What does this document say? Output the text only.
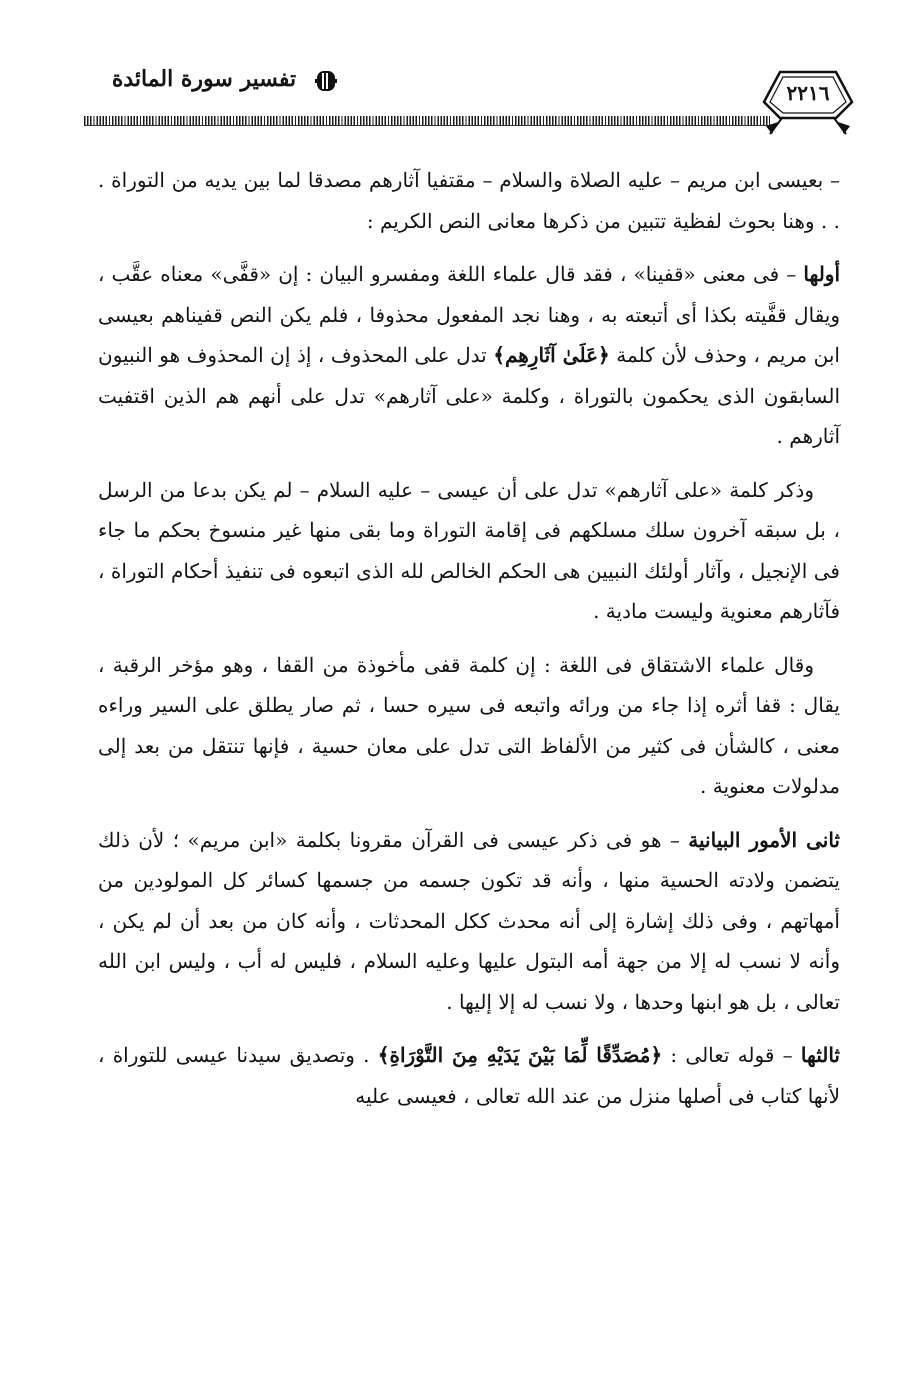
تفسير سورة المائدة
٢٢١٦

– بعيسى ابن مريم – عليه الصلاة والسلام – مقتفيا آثارهم مصدقا لما بين يديه من التوراة . . . وهنا بحوث لفظية تتبين من ذكرها معانى النص الكريم :

أولها – فى معنى «قفينا» ، فقد قال علماء اللغة ومفسرو البيان : إن «قفَّى» معناه عقَّب ، ويقال قفَّيته بكذا أى أتبعته به ، وهنا نجد المفعول محذوفا ، فلم يكن النص قفيناهم بعيسى ابن مريم ، وحذف لأن كلمة ﴿عَلَىٰ آثَارِهِم﴾ تدل على المحذوف ، إذ إن المحذوف هو النبيون السابقون الذى يحكمون بالتوراة ، وكلمة «على آثارهم» تدل على أنهم هم الذين اقتفيت آثارهم .

وذكر كلمة «على آثارهم» تدل على أن عيسى – عليه السلام – لم يكن بدعا من الرسل ، بل سبقه آخرون سلك مسلكهم فى إقامة التوراة وما بقى منها غير منسوخ بحكم ما جاء فى الإنجيل ، وآثار أولئك النبيين هى الحكم الخالص لله الذى اتبعوه فى تنفيذ أحكام التوراة ، فآثارهم معنوية وليست مادية .

وقال علماء الاشتقاق فى اللغة : إن كلمة قفى مأخوذة من القفا ، وهو مؤخر الرقبة ، يقال : قفا أثره إذا جاء من ورائه واتبعه فى سيره حسا ، ثم صار يطلق على السير وراءه معنى ، كالشأن فى كثير من الألفاظ التى تدل على معان حسية ، فإنها تنتقل من بعد إلى مدلولات معنوية .

ثانى الأمور البيانية – هو فى ذكر عيسى فى القرآن مقرونا بكلمة «ابن مريم» ؛ لأن ذلك يتضمن ولادته الحسية منها ، وأنه قد تكون جسمه من جسمها كسائر كل المولودين من أمهاتهم ، وفى ذلك إشارة إلى أنه محدث ككل المحدثات ، وأنه كان من بعد أن لم يكن ، وأنه لا نسب له إلا من جهة أمه البتول عليها وعليه السلام ، فليس له أب ، وليس ابن الله تعالى ، بل هو ابنها وحدها ، ولا نسب له إلا إليها .

ثالثها – قوله تعالى : ﴿مُصَدِّقًا لِّمَا بَيْنَ يَدَيْهِ مِنَ التَّوْرَاةِ﴾ . وتصديق سيدنا عيسى للتوراة ، لأنها كتاب فى أصلها منزل من عند الله تعالى ، فعيسى عليه
